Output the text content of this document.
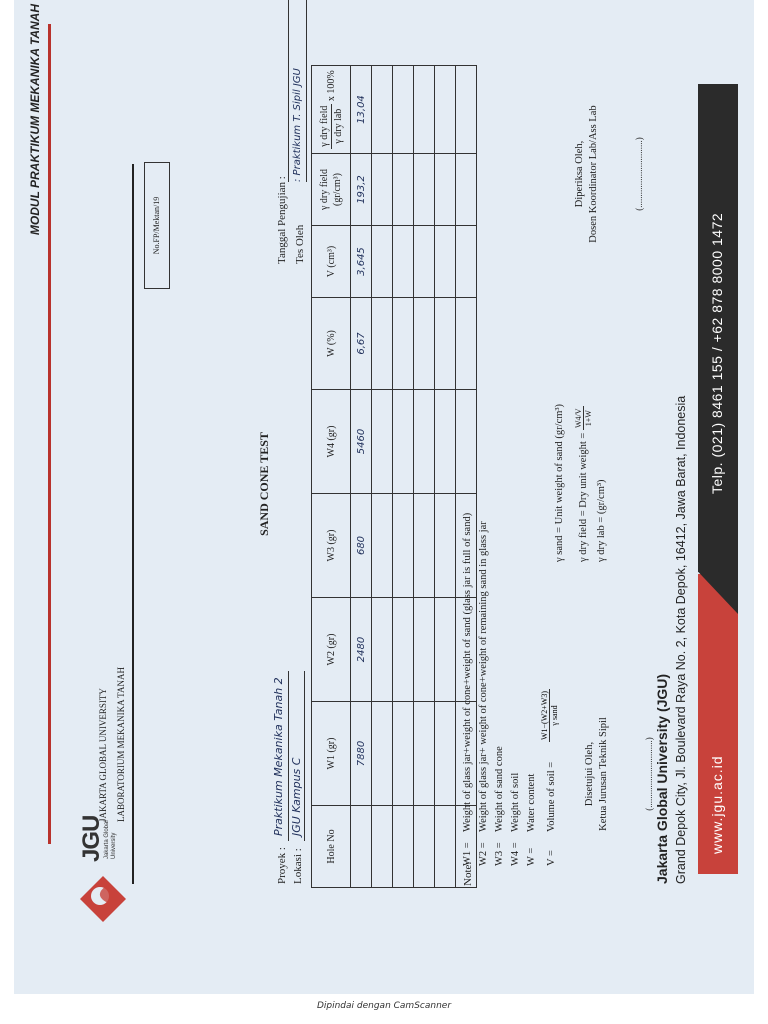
MODUL PRAKTIKUM MEKANIKA TANAH
JGU Jakarta Global
University
JAKARTA GLOBAL UNIVERSITY LABORATORIUM MEKANIKA TANAH
No.FP/Mektan/19
SAND CONE TEST
Proyek :
Praktikum Mekanika Tanah 2
Lokasi :
JGU Kampus C
Tanggal Pengujian : Tes Oleh
: Praktikum T. Sipil JGU
Hole No	W1 (gr)	W2 (gr)	W3 (gr)	W4 (gr)	W (%)	V (cm³)	γ dry field (gr/cm³)	γ dry field γ dry lab
x 100%
	7880	2480	680	5460	6,67	3,645	193,2	13,04

Note:
γ sand = Unit weight of sand (gr/cm³)	γ dry field = Dry unit weight =
W4/V 1+W
γ dry lab = (gr/cm³)
Disetujui Oleh, Ketua Jurusan Teknik Sipil	(..............................)
Diperiksa Oleh, Dosen Koordinator Lab/Ass Lab	(..............................)
Jakarta Global University (JGU) Grand Depok City, Jl. Boulevard Raya No. 2, Kota Depok, 16412, Jawa Barat, Indonesia www.jgu.ac.id
Telp. (021) 8461 155 / +62 878 8000 1472
W1 =
Weight of glass jar+weight of cone+weight of sand (glass jar is full of sand)
W2 =
Weight of glass jar+ weight of cone+weight of remaining sand in glass jar
W3 =
Weight of sand cone
W4 =
Weight of soil
W =
Water content
V =
Volume of soil =
W1−(W2+W3) γ sand
Dipindai dengan CamScanner
